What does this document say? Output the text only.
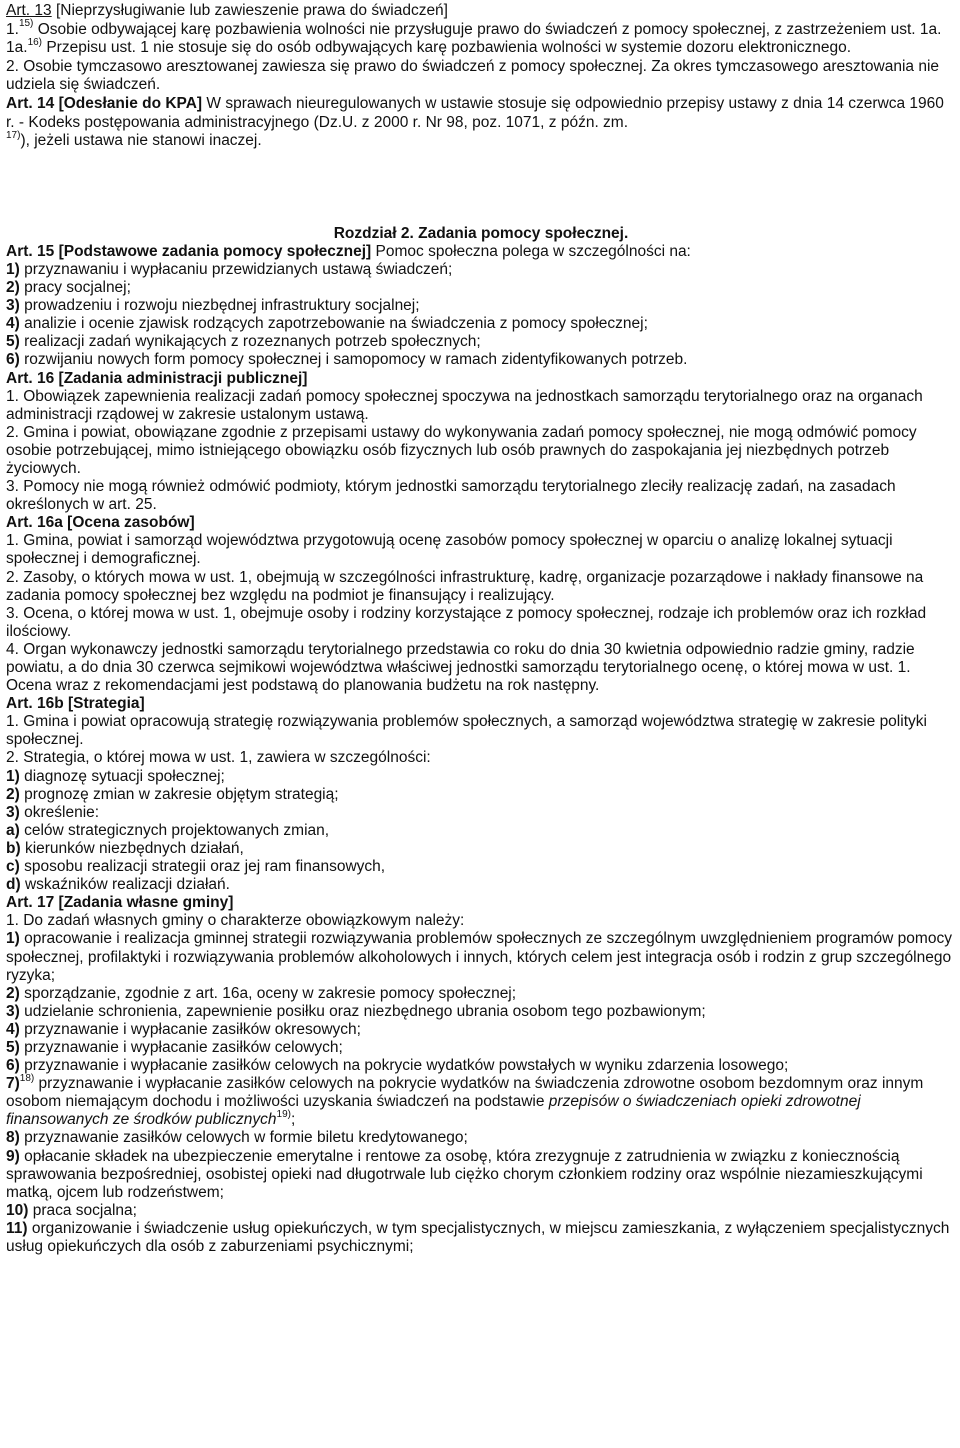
Art. 13 [Nieprzysługiwanie lub zawieszenie prawa do świadczeń]

1.$^{15)}$ Osobie odbywającej karę pozbawienia wolności nie przysługuje prawo do świadczeń z pomocy społecznej, z zastrzeżeniem ust. 1a.

1a.$^{16)}$ Przepisu ust. 1 nie stosuje się do osób odbywających karę pozbawienia wolności w systemie dozoru elektronicznego.

2. Osobie tymczasowo aresztowanej zawiesza się prawo do świadczeń z pomocy społecznej. Za okres tymczasowego aresztowania nie udziela się świadczeń.

Art. 14 [Odesłanie do KPA] W sprawach nieuregulowanych w ustawie stosuje się odpowiednio przepisy ustawy z dnia 14 czerwca 1960 r. - Kodeks postępowania administracyjnego (Dz.U. z 2000 r. Nr 98, poz. 1071, z późn. zm.

$^{17)}$), jeżeli ustawa nie stanowi inaczej.

Rozdział 2. Zadania pomocy społecznej.

Art. 15 [Podstawowe zadania pomocy społecznej] Pomoc społeczna polega w szczególności na:

1) przyznawaniu i wypłacaniu przewidzianych ustawą świadczeń;

2) pracy socjalnej;

3) prowadzeniu i rozwoju niezbędnej infrastruktury socjalnej;

4) analizie i ocenie zjawisk rodzących zapotrzebowanie na świadczenia z pomocy społecznej;

5) realizacji zadań wynikających z rozeznanych potrzeb społecznych;

6) rozwijaniu nowych form pomocy społecznej i samopomocy w ramach zidentyfikowanych potrzeb.

Art. 16 [Zadania administracji publicznej]

1. Obowiązek zapewnienia realizacji zadań pomocy społecznej spoczywa na jednostkach samorządu terytorialnego oraz na organach administracji rządowej w zakresie ustalonym ustawą.

2. Gmina i powiat, obowiązane zgodnie z przepisami ustawy do wykonywania zadań pomocy społecznej, nie mogą odmówić pomocy osobie potrzebującej, mimo istniejącego obowiązku osób fizycznych lub osób prawnych do zaspokajania jej niezbędnych potrzeb życiowych.

3. Pomocy nie mogą również odmówić podmioty, którym jednostki samorządu terytorialnego zleciły realizację zadań, na zasadach określonych w art. 25.

Art. 16a [Ocena zasobów]

1. Gmina, powiat i samorząd województwa przygotowują ocenę zasobów pomocy społecznej w oparciu o analizę lokalnej sytuacji społecznej i demograficznej.

2. Zasoby, o których mowa w ust. 1, obejmują w szczególności infrastrukturę, kadrę, organizacje pozarządowe i nakłady finansowe na zadania pomocy społecznej bez względu na podmiot je finansujący i realizujący.

3. Ocena, o której mowa w ust. 1, obejmuje osoby i rodziny korzystające z pomocy społecznej, rodzaje ich problemów oraz ich rozkład ilościowy.

4. Organ wykonawczy jednostki samorządu terytorialnego przedstawia co roku do dnia 30 kwietnia odpowiednio radzie gminy, radzie powiatu, a do dnia 30 czerwca sejmikowi województwa właściwej jednostki samorządu terytorialnego ocenę, o której mowa w ust. 1. Ocena wraz z rekomendacjami jest podstawą do planowania budżetu na rok następny.

Art. 16b [Strategia]

1. Gmina i powiat opracowują strategię rozwiązywania problemów społecznych, a samorząd województwa strategię w zakresie polityki społecznej.

2. Strategia, o której mowa w ust. 1, zawiera w szczególności:

1) diagnozę sytuacji społecznej;

2) prognozę zmian w zakresie objętym strategią;

3) określenie:

a) celów strategicznych projektowanych zmian,

b) kierunków niezbędnych działań,

c) sposobu realizacji strategii oraz jej ram finansowych,

d) wskaźników realizacji działań.

Art. 17 [Zadania własne gminy]

1. Do zadań własnych gminy o charakterze obowiązkowym należy:

1) opracowanie i realizacja gminnej strategii rozwiązywania problemów społecznych ze szczególnym uwzględnieniem programów pomocy społecznej, profilaktyki i rozwiązywania problemów alkoholowych i innych, których celem jest integracja osób i rodzin z grup szczególnego ryzyka;

2) sporządzanie, zgodnie z art. 16a, oceny w zakresie pomocy społecznej;

3) udzielanie schronienia, zapewnienie posiłku oraz niezbędnego ubrania osobom tego pozbawionym;

4) przyznawanie i wypłacanie zasiłków okresowych;

5) przyznawanie i wypłacanie zasiłków celowych;

6) przyznawanie i wypłacanie zasiłków celowych na pokrycie wydatków powstałych w wyniku zdarzenia losowego;

7)$^{18)}$ przyznawanie i wypłacanie zasiłków celowych na pokrycie wydatków na świadczenia zdrowotne osobom bezdomnym oraz innym osobom niemającym dochodu i możliwości uzyskania świadczeń na podstawie przepisów o świadczeniach opieki zdrowotnej finansowanych ze środków publicznych$^{19)}$;

8) przyznawanie zasiłków celowych w formie biletu kredytowanego;

9) opłacanie składek na ubezpieczenie emerytalne i rentowe za osobę, która zrezygnuje z zatrudnienia w związku z koniecznością sprawowania bezpośredniej, osobistej opieki nad długotrwale lub ciężko chorym członkiem rodziny oraz wspólnie niezamieszkującymi matką, ojcem lub rodzeństwem;

10) praca socjalna;

11) organizowanie i świadczenie usług opiekuńczych, w tym specjalistycznych, w miejscu zamieszkania, z wyłączeniem specjalistycznych usług opiekuńczych dla osób z zaburzeniami psychicznymi;
